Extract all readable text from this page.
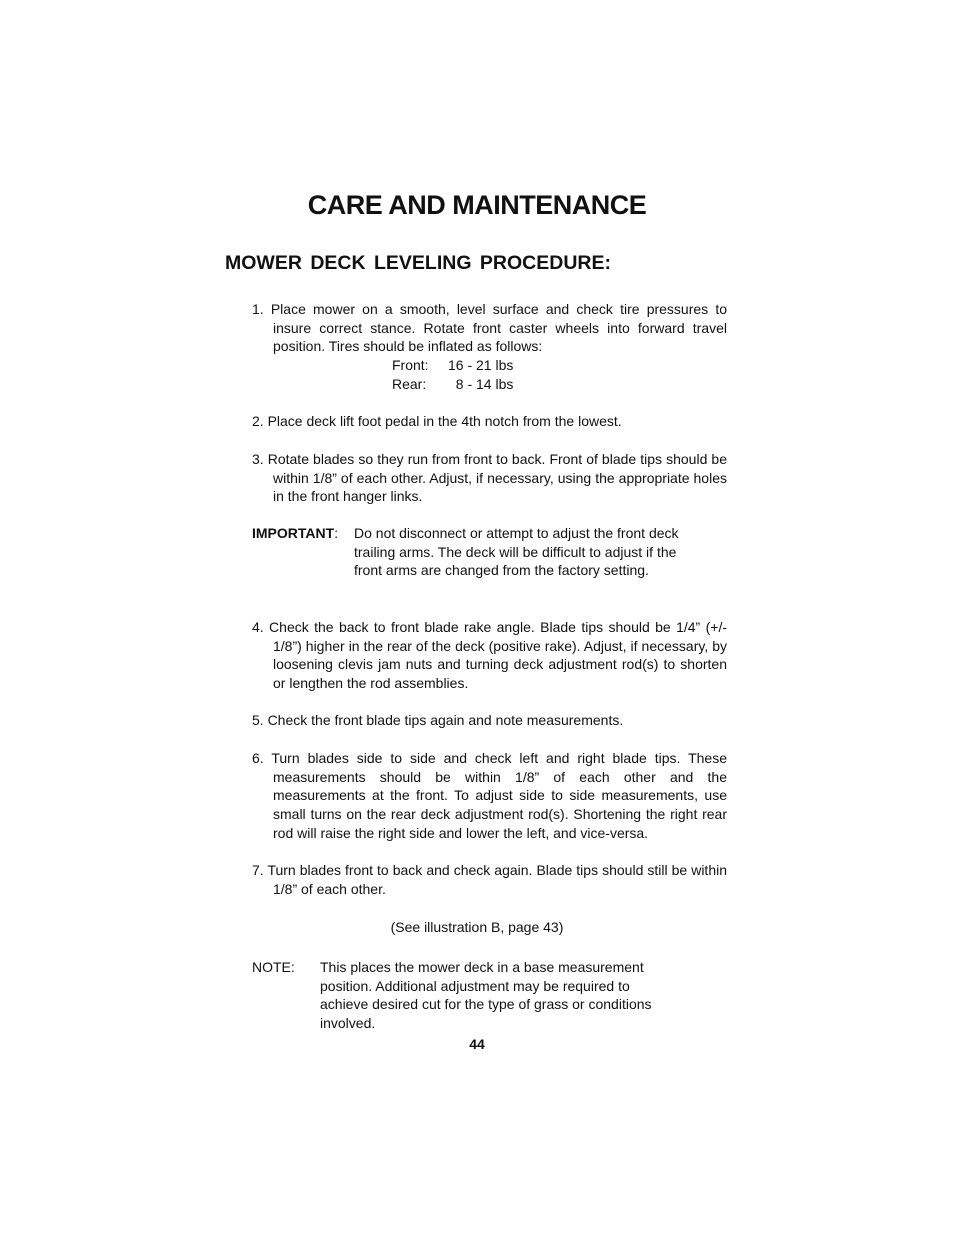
CARE AND MAINTENANCE
MOWER DECK LEVELING PROCEDURE:
1. Place mower on a smooth, level surface and check tire pressures to insure correct stance. Rotate front caster wheels into forward travel position. Tires should be inflated as follows:
Front: 16 - 21 lbs
Rear:  8 - 14 lbs
2. Place deck lift foot pedal in the 4th notch from the lowest.
3. Rotate blades so they run from front to back. Front of blade tips should be within 1/8” of each other. Adjust, if necessary, using the appropriate holes in the front hanger links.
IMPORTANT: Do not disconnect or attempt to adjust the front deck trailing arms. The deck will be difficult to adjust if the front arms are changed from the factory setting.
4. Check the back to front blade rake angle. Blade tips should be 1/4” (+/- 1/8”) higher in the rear of the deck (positive rake). Adjust, if necessary, by loosening clevis jam nuts and turning deck adjustment rod(s) to shorten or lengthen the rod assemblies.
5. Check the front blade tips again and note measurements.
6. Turn blades side to side and check left and right blade tips. These measurements should be within 1/8” of each other and the measurements at the front. To adjust side to side measurements, use small turns on the rear deck adjustment rod(s). Shortening the right rear rod will raise the right side and lower the left, and vice-versa.
7. Turn blades front to back and check again. Blade tips should still be within 1/8” of each other.
(See illustration B, page 43)
NOTE: This places the mower deck in a base measurement position. Additional adjustment may be required to achieve desired cut for the type of grass or conditions involved.
44
